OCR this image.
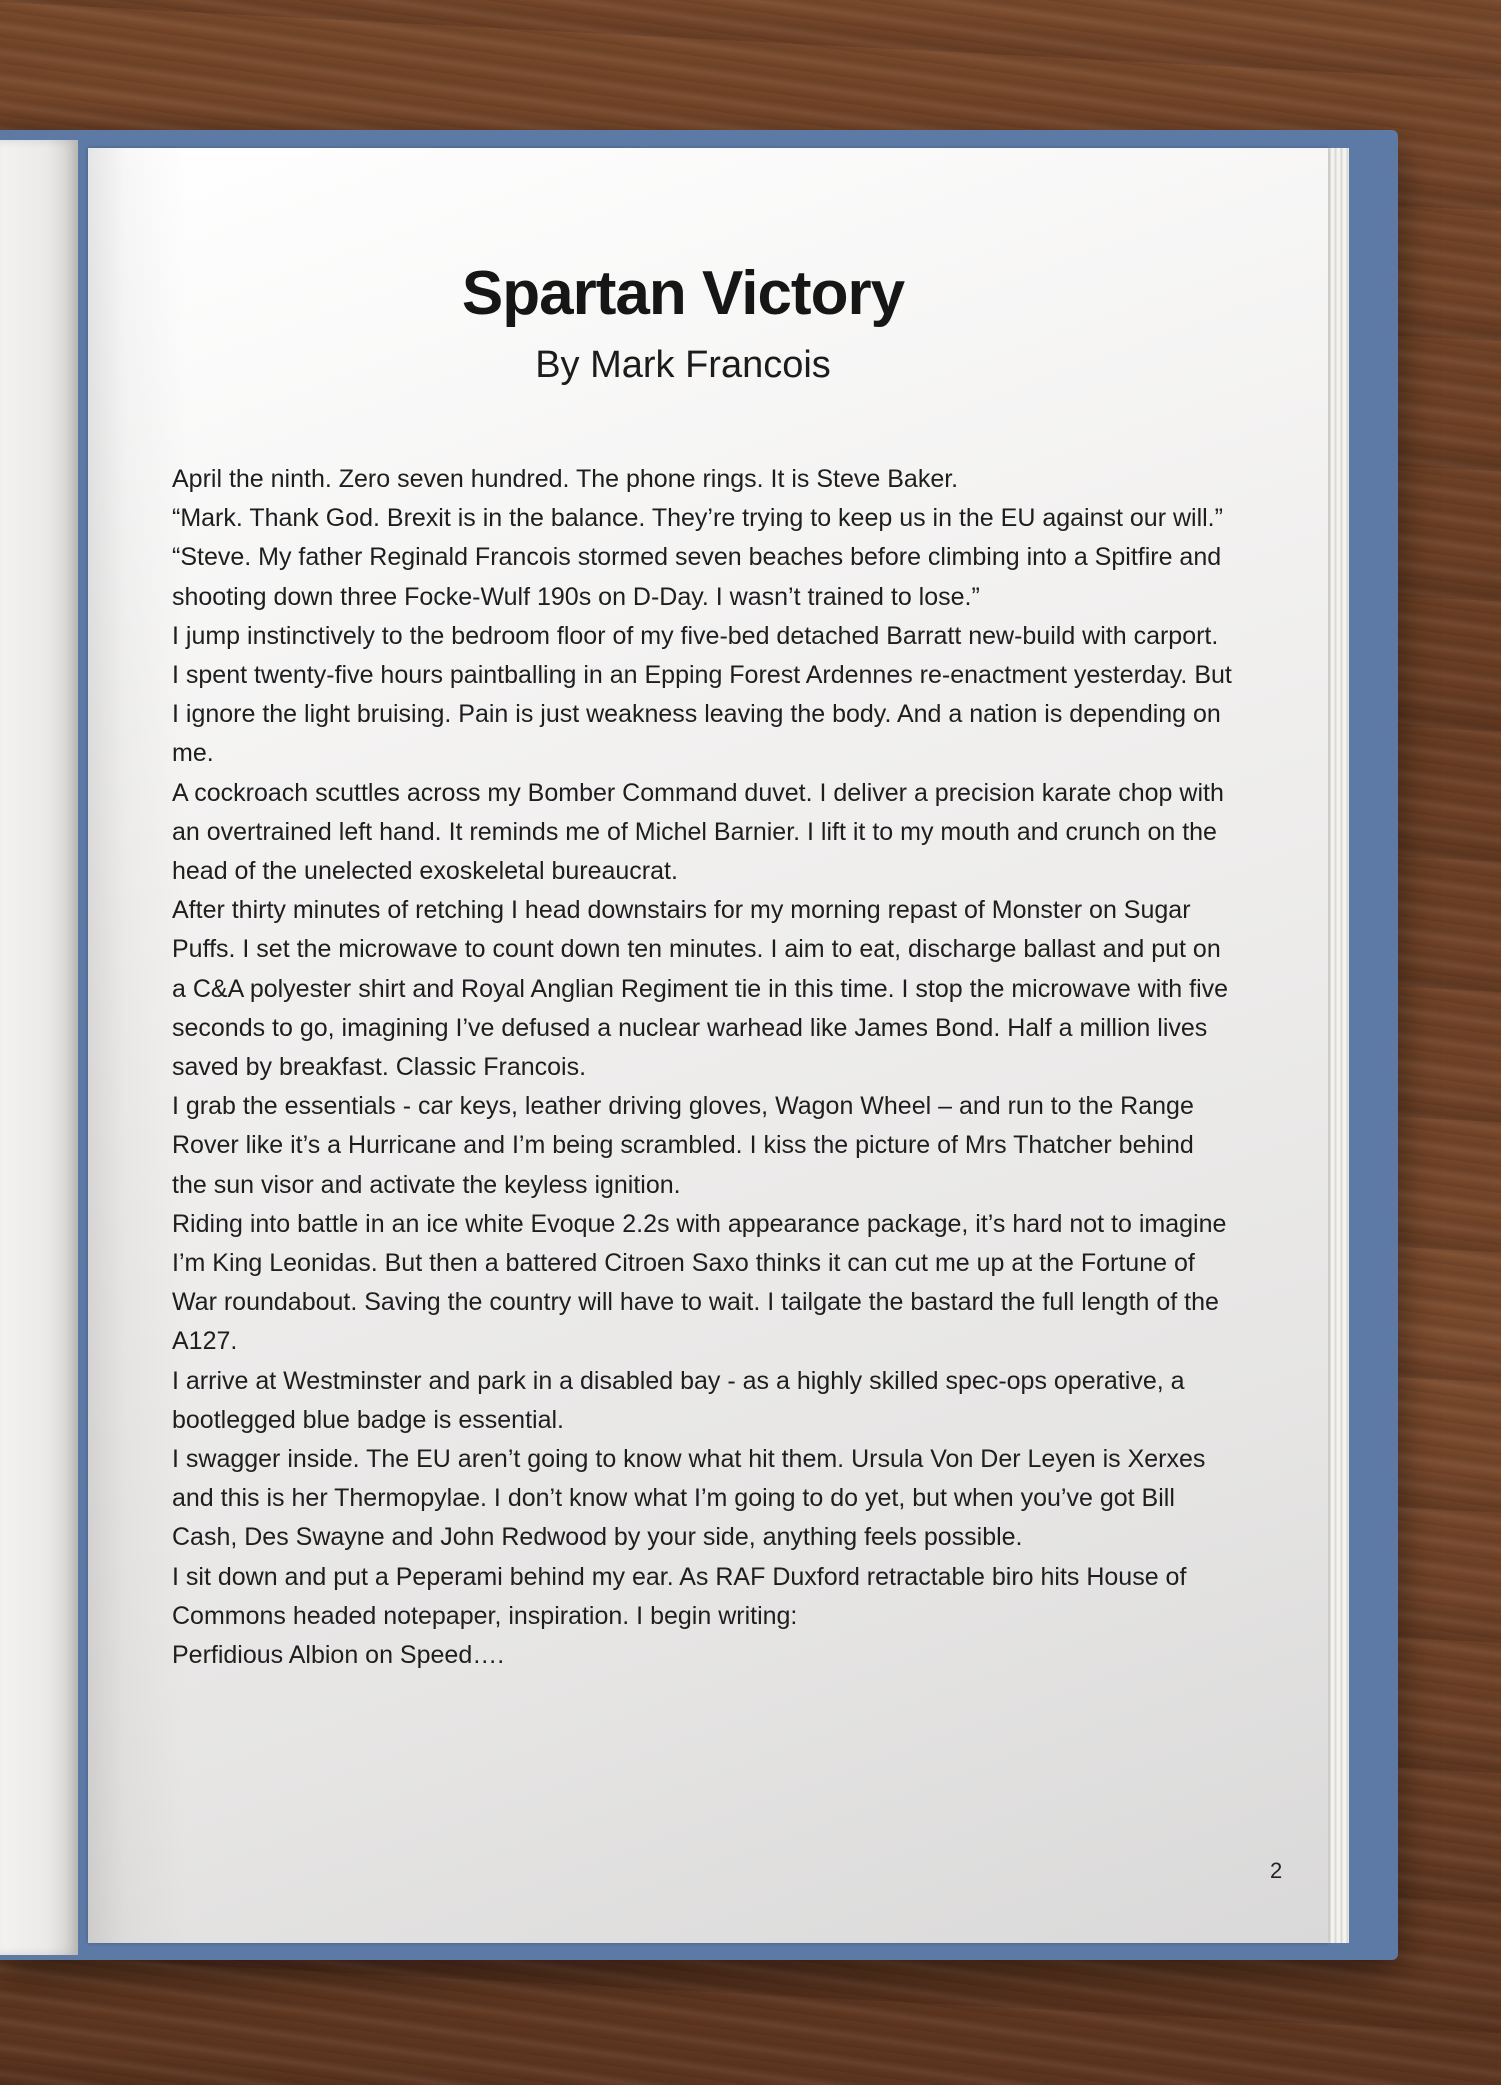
Spartan Victory
By Mark Francois

April the ninth. Zero seven hundred. The phone rings. It is Steve Baker.

“Mark. Thank God. Brexit is in the balance. They’re trying to keep us in the EU against our will.”

“Steve. My father Reginald Francois stormed seven beaches before climbing into a Spitfire and shooting down three Focke-Wulf 190s on D-Day. I wasn’t trained to lose.”

I jump instinctively to the bedroom floor of my five-bed detached Barratt new-build with carport. I spent twenty-five hours paintballing in an Epping Forest Ardennes re-enactment yesterday. But I ignore the light bruising. Pain is just weakness leaving the body. And a nation is depending on me.

A cockroach scuttles across my Bomber Command duvet. I deliver a precision karate chop with an overtrained left hand. It reminds me of Michel Barnier. I lift it to my mouth and crunch on the head of the unelected exoskeletal bureaucrat.

After thirty minutes of retching I head downstairs for my morning repast of Monster on Sugar Puffs. I set the microwave to count down ten minutes. I aim to eat, discharge ballast and put on a C&A polyester shirt and Royal Anglian Regiment tie in this time. I stop the microwave with five seconds to go, imagining I’ve defused a nuclear warhead like James Bond. Half a million lives saved by breakfast. Classic Francois.

I grab the essentials - car keys, leather driving gloves, Wagon Wheel – and run to the Range Rover like it’s a Hurricane and I’m being scrambled. I kiss the picture of Mrs Thatcher behind the sun visor and activate the keyless ignition.

Riding into battle in an ice white Evoque 2.2s with appearance package, it’s hard not to imagine I’m King Leonidas. But then a battered Citroen Saxo thinks it can cut me up at the Fortune of War roundabout. Saving the country will have to wait. I tailgate the bastard the full length of the A127.

I arrive at Westminster and park in a disabled bay - as a highly skilled spec-ops operative, a bootlegged blue badge is essential.

I swagger inside. The EU aren’t going to know what hit them. Ursula Von Der Leyen is Xerxes and this is her Thermopylae. I don’t know what I’m going to do yet, but when you’ve got Bill Cash, Des Swayne and John Redwood by your side, anything feels possible.

I sit down and put a Peperami behind my ear. As RAF Duxford retractable biro hits House of Commons headed notepaper, inspiration. I begin writing:

Perfidious Albion on Speed….

2
